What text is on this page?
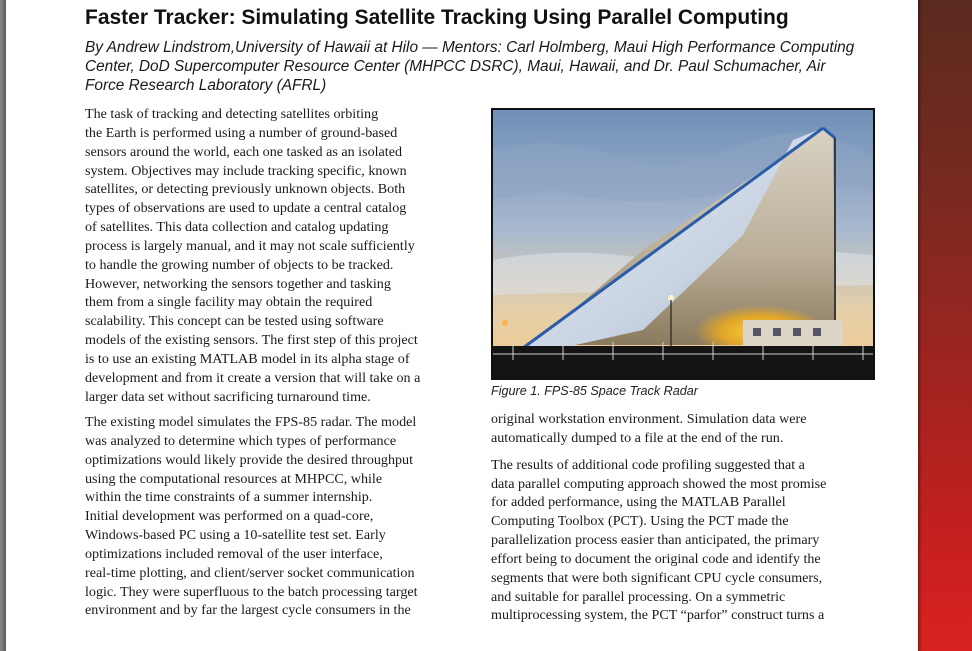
Faster Tracker: Simulating Satellite Tracking Using Parallel Computing
By Andrew Lindstrom,University of Hawaii at Hilo — Mentors: Carl Holmberg, Maui High Performance Computing
Center, DoD Supercomputer Resource Center (MHPCC DSRC), Maui, Hawaii, and Dr. Paul Schumacher, Air
Force Research Laboratory (AFRL)

The task of tracking and detecting satellites orbiting

the Earth is performed using a number of ground-based

sensors around the world, each one tasked as an isolated

system. Objectives may include tracking specific, known

satellites, or detecting previously unknown objects. Both

types of observations are used to update a central catalog

of satellites. This data collection and catalog updating

process is largely manual, and it may not scale sufficiently

to handle the growing number of objects to be tracked.

However, networking the sensors together and tasking

them from a single facility may obtain the required

scalability. This concept can be tested using software

models of the existing sensors. The first step of this project

is to use an existing MATLAB model in its alpha stage of

development and from it create a version that will take on a

larger data set without sacrificing turnaround time.

The existing model simulates the FPS-85 radar. The model

was analyzed to determine which types of performance

optimizations would likely provide the desired throughput

using the computational resources at MHPCC, while

within the time constraints of a summer internship.

Initial development was performed on a quad-core,

Windows-based PC using a 10-satellite test set. Early

optimizations included removal of the user interface,

real-time plotting, and client/server socket communication

logic. They were superfluous to the batch processing target

environment and by far the largest cycle consumers in the

Figure 1. FPS-85 Space Track Radar

original workstation environment. Simulation data were

automatically dumped to a file at the end of the run.

The results of additional code profiling suggested that a

data parallel computing approach showed the most promise

for added performance, using the MATLAB Parallel

Computing Toolbox (PCT). Using the PCT made the

parallelization process easier than anticipated, the primary

effort being to document the original code and identify the

segments that were both significant CPU cycle consumers,

and suitable for parallel processing. On a symmetric

multiprocessing system, the PCT “parfor” construct turns a
